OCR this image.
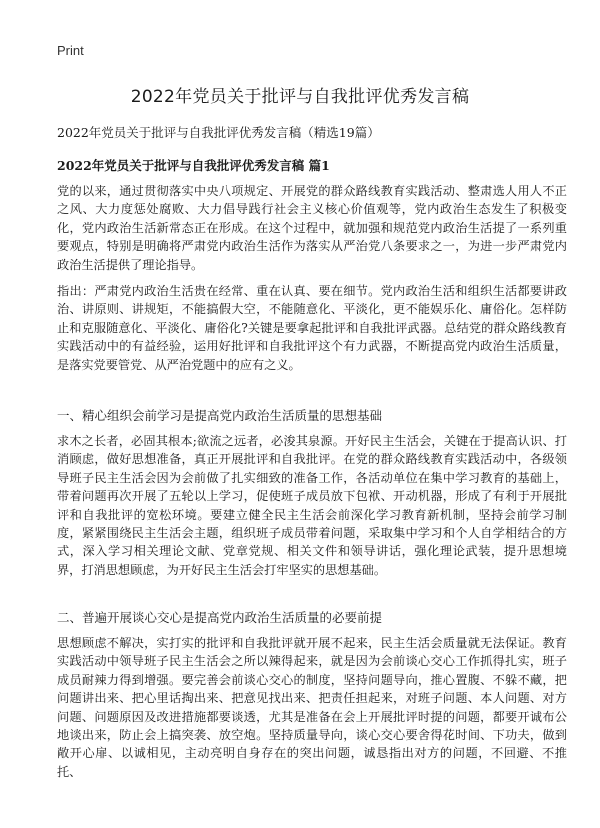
Print
2022年党员关于批评与自我批评优秀发言稿

2022年党员关于批评与自我批评优秀发言稿（精选19篇）

2022年党员关于批评与自我批评优秀发言稿 篇1

党的以来，通过贯彻落实中央八项规定、开展党的群众路线教育实践活动、整肃选人用人不正之风、大力度惩处腐败、大力倡导践行社会主义核心价值观等，党内政治生态发生了积极变化，党内政治生活新常态正在形成。在这个过程中，就加强和规范党内政治生活提了一系列重要观点，特别是明确将严肃党内政治生活作为落实从严治党八条要求之一，为进一步严肃党内政治生活提供了理论指导。

指出：严肃党内政治生活贵在经常、重在认真、要在细节。党内政治生活和组织生活都要讲政治、讲原则、讲规矩，不能搞假大空，不能随意化、平淡化，更不能娱乐化、庸俗化。怎样防止和克服随意化、平淡化、庸俗化?关键是要拿起批评和自我批评武器。总结党的群众路线教育实践活动中的有益经验，运用好批评和自我批评这个有力武器，不断提高党内政治生活质量，是落实党要管党、从严治党题中的应有之义。

一、精心组织会前学习是提高党内政治生活质量的思想基础

求木之长者，必固其根本;欲流之远者，必浚其泉源。开好民主生活会，关键在于提高认识、打消顾虑，做好思想准备，真正开展批评和自我批评。在党的群众路线教育实践活动中，各级领导班子民主生活会因为会前做了扎实细致的准备工作，各活动单位在集中学习教育的基础上，带着问题再次开展了五轮以上学习，促使班子成员放下包袱、开动机器，形成了有利于开展批评和自我批评的宽松环境。要建立健全民主生活会前深化学习教育新机制，坚持会前学习制度，紧紧围绕民主生活会主题，组织班子成员带着问题，采取集中学习和个人自学相结合的方式，深入学习相关理论文献、党章党规、相关文件和领导讲话，强化理论武装，提升思想境界，打消思想顾虑，为开好民主生活会打牢坚实的思想基础。

二、普遍开展谈心交心是提高党内政治生活质量的必要前提

思想顾虑不解决，实打实的批评和自我批评就开展不起来，民主生活会质量就无法保证。教育实践活动中领导班子民主生活会之所以辣得起来，就是因为会前谈心交心工作抓得扎实，班子成员耐辣力得到增强。要完善会前谈心交心的制度，坚持问题导向，推心置腹、不躲不藏，把问题讲出来、把心里话掏出来、把意见找出来、把责任担起来，对班子问题、本人问题、对方问题、问题原因及改进措施都要谈透，尤其是准备在会上开展批评时提的问题，都要开诚布公地谈出来，防止会上搞突袭、放空炮。坚持质量导向，谈心交心要舍得花时间、下功夫，做到敞开心扉、以诚相见，主动亮明自身存在的突出问题，诚恳指出对方的问题，不回避、不推托、
